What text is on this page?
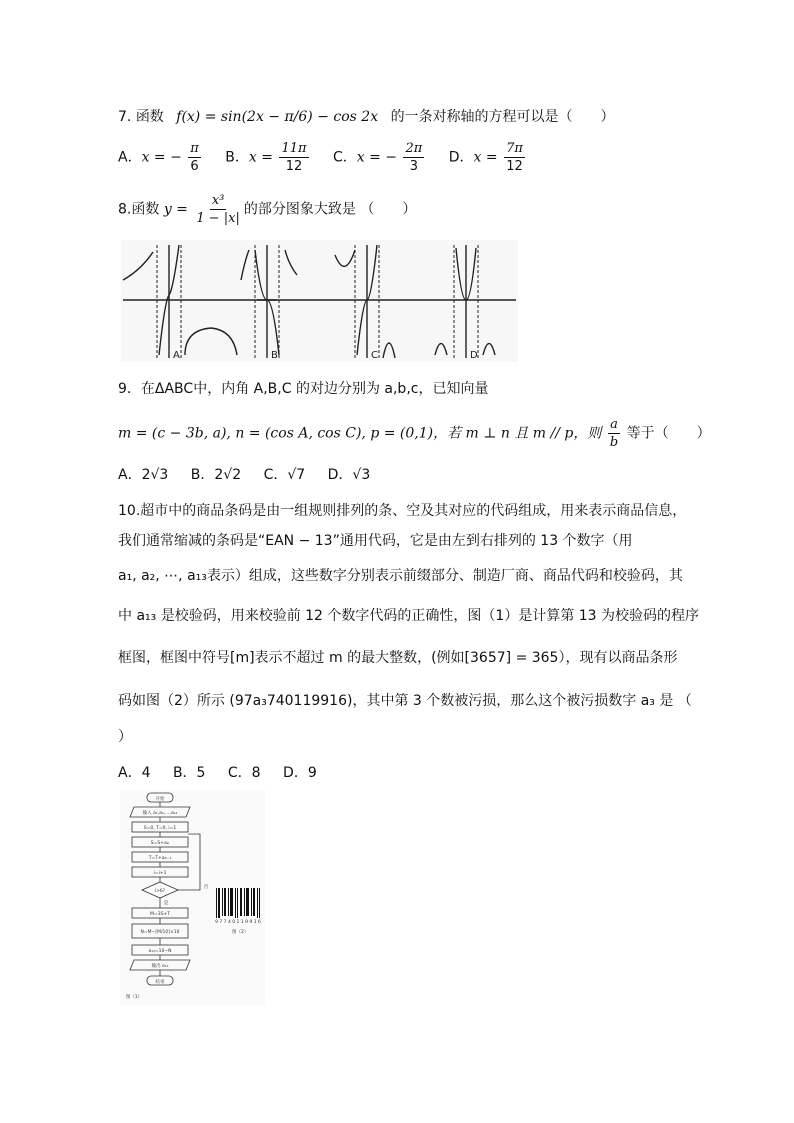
7. 函数 f(x) = sin(2x − π/6) − cos 2x 的一条对称轴的方程可以是（　　）
A．x = − $\frac{\pi}{6}$ B．$x = \frac{11\pi}{12}$ C．x = − $\frac{2\pi}{3}$ D．$x = \frac{7\pi}{12}$
8.函数 $y = \frac{\text{x³}}{1 - |x|}$ 的部分图象大致是 （　　）
A	B	C	D
9．在ΔABC中，内角 A,B,C 的对边分别为 a,b,c，已知向量
m = (c − 3b, a), n = (cos A, cos C), p = (0,1)，若 m ⊥ n 且 m // p，则 $\frac{a}{b}$ 等于（　　）
A．2√3 B．2√2 C．√7 D．√3
10.超市中的商品条码是由一组规则排列的条、空及其对应的代码组成，用来表示商品信息，
我们通常缩减的条码是“EAN − 13”通用代码，它是由左到右排列的 13 个数字（用
a₁, a₂, ⋯, a₁₃表示）组成，这些数字分别表示前缀部分、制造厂商、商品代码和校验码，其
中 a₁₃ 是校验码，用来校验前 12 个数字代码的正确性，图（1）是计算第 13 为校验码的程序
框图，框图中符号[m]表示不超过 m 的最大整数，(例如[3657] = 365），现有以商品条形
码如图（2）所示 (97a₃740119916)，其中第 3 个数被污损，那么这个被污损数字 a₃ 是 （
）
A．4 B．5 C．8 D．9
开始
输入 a₁,a₂,…,a₁₂
S=0, T=0, i=1
S=S+a₂ᵢ
T=T+a₂ᵢ₋₁
i=i+1
i>6?
否
是
M=3S+T
N=M−[M/10]×10
a₁₃=10−N
输出 a₁₃
结束
图（1）
9 7 7 4 0 1 1 9 9 1 6
图（2）
